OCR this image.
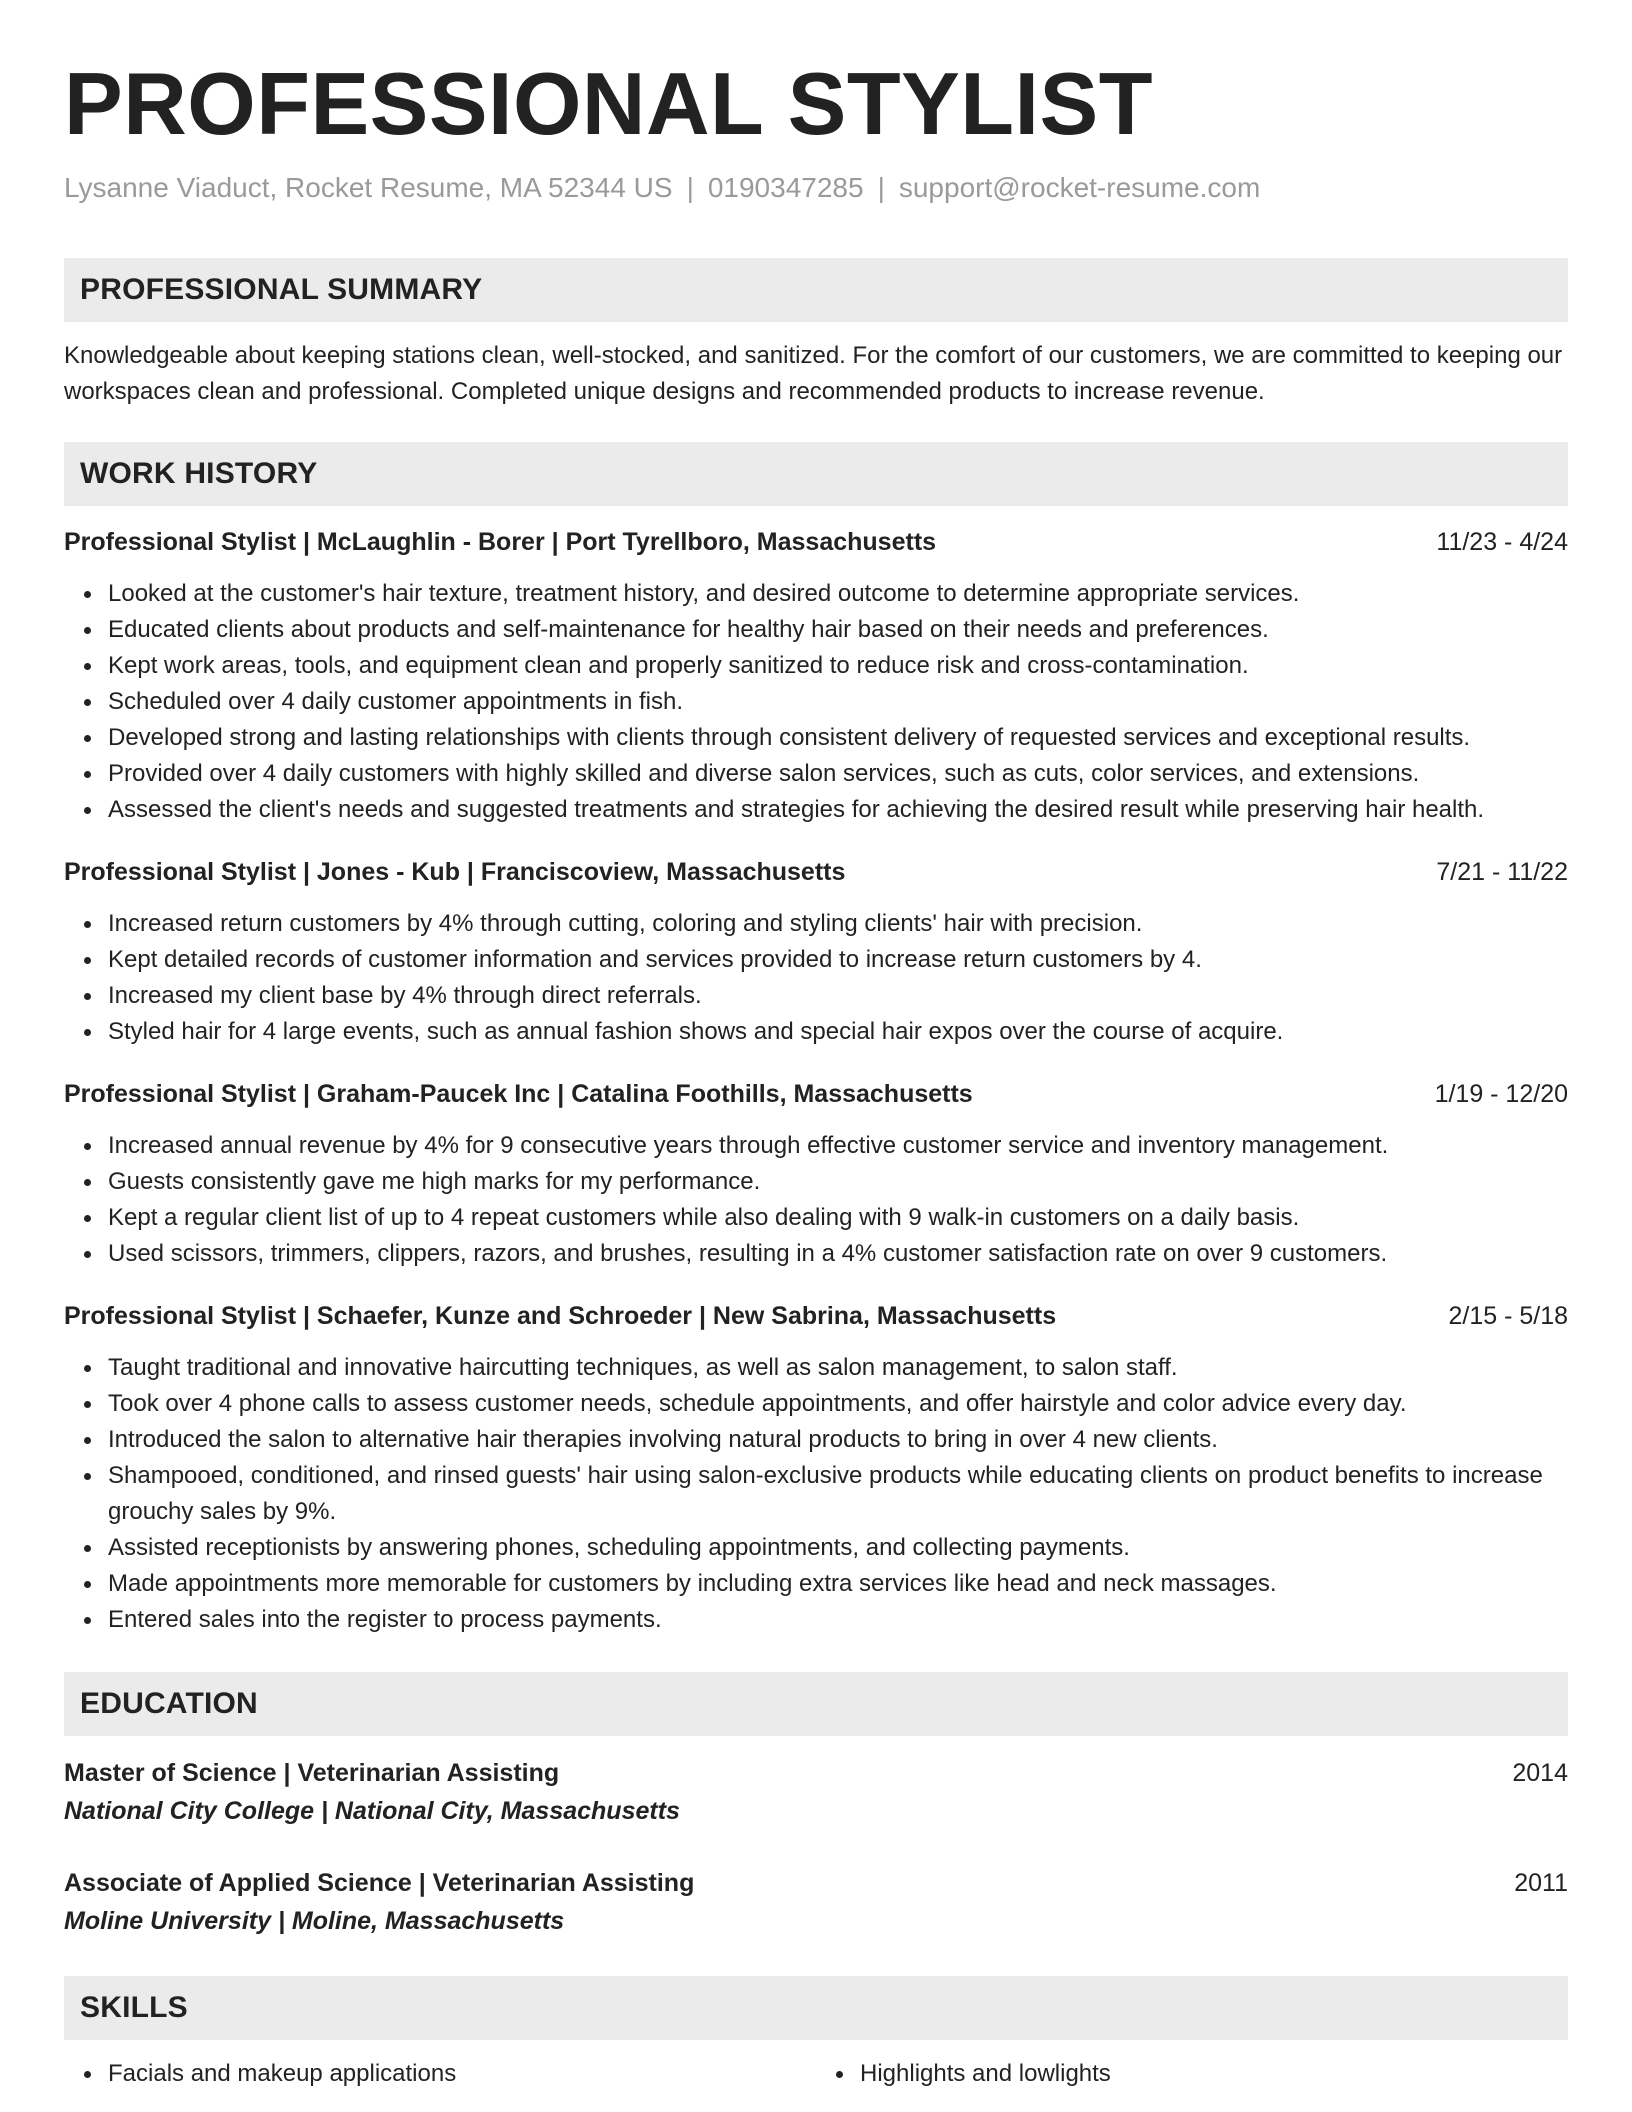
PROFESSIONAL STYLIST
Lysanne Viaduct, Rocket Resume, MA 52344 US | 0190347285 | support@rocket-resume.com
PROFESSIONAL SUMMARY

Knowledgeable about keeping stations clean, well-stocked, and sanitized. For the comfort of our customers, we are committed to keeping our workspaces clean and professional. Completed unique designs and recommended products to increase revenue.

WORK HISTORY
Professional Stylist | McLaughlin - Borer | Port Tyrellboro, Massachusetts	11/23 - 4/24
Looked at the customer's hair texture, treatment history, and desired outcome to determine appropriate services.
Educated clients about products and self-maintenance for healthy hair based on their needs and preferences.
Kept work areas, tools, and equipment clean and properly sanitized to reduce risk and cross-contamination.
Scheduled over 4 daily customer appointments in fish.
Developed strong and lasting relationships with clients through consistent delivery of requested services and exceptional results.
Provided over 4 daily customers with highly skilled and diverse salon services, such as cuts, color services, and extensions.
Assessed the client's needs and suggested treatments and strategies for achieving the desired result while preserving hair health.
Professional Stylist | Jones - Kub | Franciscoview, Massachusetts	7/21 - 11/22
Increased return customers by 4% through cutting, coloring and styling clients' hair with precision.
Kept detailed records of customer information and services provided to increase return customers by 4.
Increased my client base by 4% through direct referrals.
Styled hair for 4 large events, such as annual fashion shows and special hair expos over the course of acquire.
Professional Stylist | Graham-Paucek Inc | Catalina Foothills, Massachusetts	1/19 - 12/20
Increased annual revenue by 4% for 9 consecutive years through effective customer service and inventory management.
Guests consistently gave me high marks for my performance.
Kept a regular client list of up to 4 repeat customers while also dealing with 9 walk-in customers on a daily basis.
Used scissors, trimmers, clippers, razors, and brushes, resulting in a 4% customer satisfaction rate on over 9 customers.
Professional Stylist | Schaefer, Kunze and Schroeder | New Sabrina, Massachusetts	2/15 - 5/18
Taught traditional and innovative haircutting techniques, as well as salon management, to salon staff.
Took over 4 phone calls to assess customer needs, schedule appointments, and offer hairstyle and color advice every day.
Introduced the salon to alternative hair therapies involving natural products to bring in over 4 new clients.
Shampooed, conditioned, and rinsed guests' hair using salon-exclusive products while educating clients on product benefits to increase grouchy sales by 9%.
Assisted receptionists by answering phones, scheduling appointments, and collecting payments.
Made appointments more memorable for customers by including extra services like head and neck massages.
Entered sales into the register to process payments.
EDUCATION
Master of Science | Veterinarian Assisting	2014
National City College | National City, Massachusetts
Associate of Applied Science | Veterinarian Assisting	2011
Moline University | Moline, Massachusetts
SKILLS
Facials and makeup applications	Highlights and lowlights
